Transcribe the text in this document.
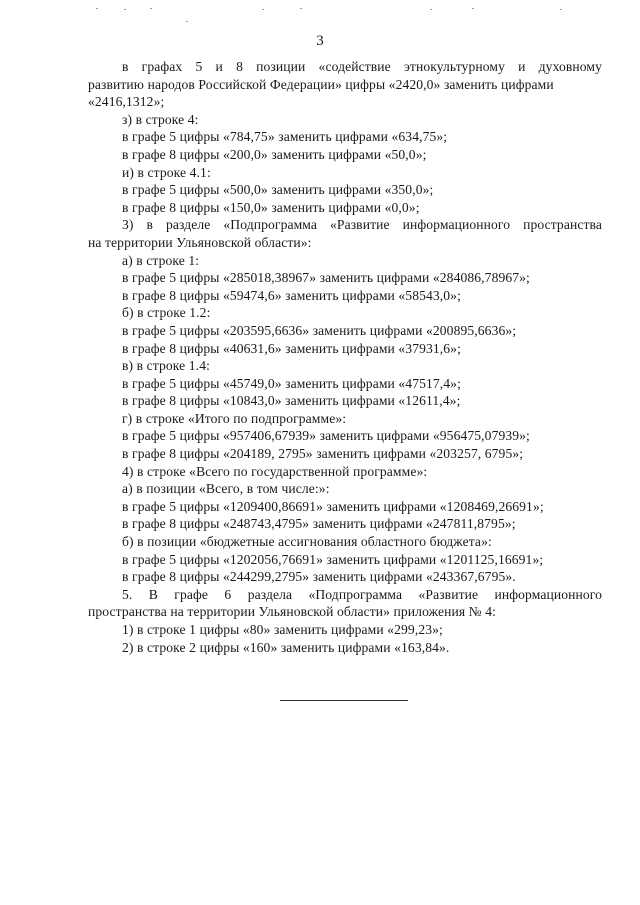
3
в графах 5 и 8 позиции «содействие этнокультурному и духовному
развитию народов Российской Федерации» цифры «2420,0» заменить цифрами
«2416,1312»;
з) в строке 4:
в графе 5 цифры «784,75» заменить цифрами «634,75»;
в графе 8 цифры «200,0» заменить цифрами «50,0»;
и) в строке 4.1:
в графе 5 цифры «500,0» заменить цифрами «350,0»;
в графе 8 цифры «150,0» заменить цифрами «0,0»;
3) в разделе «Подпрограмма «Развитие информационного пространства
на территории Ульяновской области»:
а) в строке 1:
в графе 5 цифры «285018,38967» заменить цифрами «284086,78967»;
в графе 8 цифры «59474,6» заменить цифрами «58543,0»;
б) в строке 1.2:
в графе 5 цифры «203595,6636» заменить цифрами «200895,6636»;
в графе 8 цифры «40631,6» заменить цифрами «37931,6»;
в) в строке 1.4:
в графе 5 цифры «45749,0» заменить цифрами «47517,4»;
в графе 8 цифры «10843,0» заменить цифрами «12611,4»;
г) в строке «Итого по подпрограмме»:
в графе 5 цифры «957406,67939» заменить цифрами «956475,07939»;
в графе 8 цифры «204189, 2795» заменить цифрами «203257, 6795»;
4) в строке «Всего по государственной программе»:
а) в позиции «Всего, в том числе:»:
в графе 5 цифры «1209400,86691» заменить цифрами «1208469,26691»;
в графе 8 цифры «248743,4795» заменить цифрами «247811,8795»;
б) в позиции «бюджетные ассигнования областного бюджета»:
в графе 5 цифры «1202056,76691» заменить цифрами «1201125,16691»;
в графе 8 цифры «244299,2795» заменить цифрами «243367,6795».
5. В графе 6 раздела «Подпрограмма «Развитие информационного
пространства на территории Ульяновской области» приложения № 4:
1) в строке 1 цифры «80» заменить цифрами «299,23»;
2) в строке 2 цифры «160» заменить цифрами «163,84».
